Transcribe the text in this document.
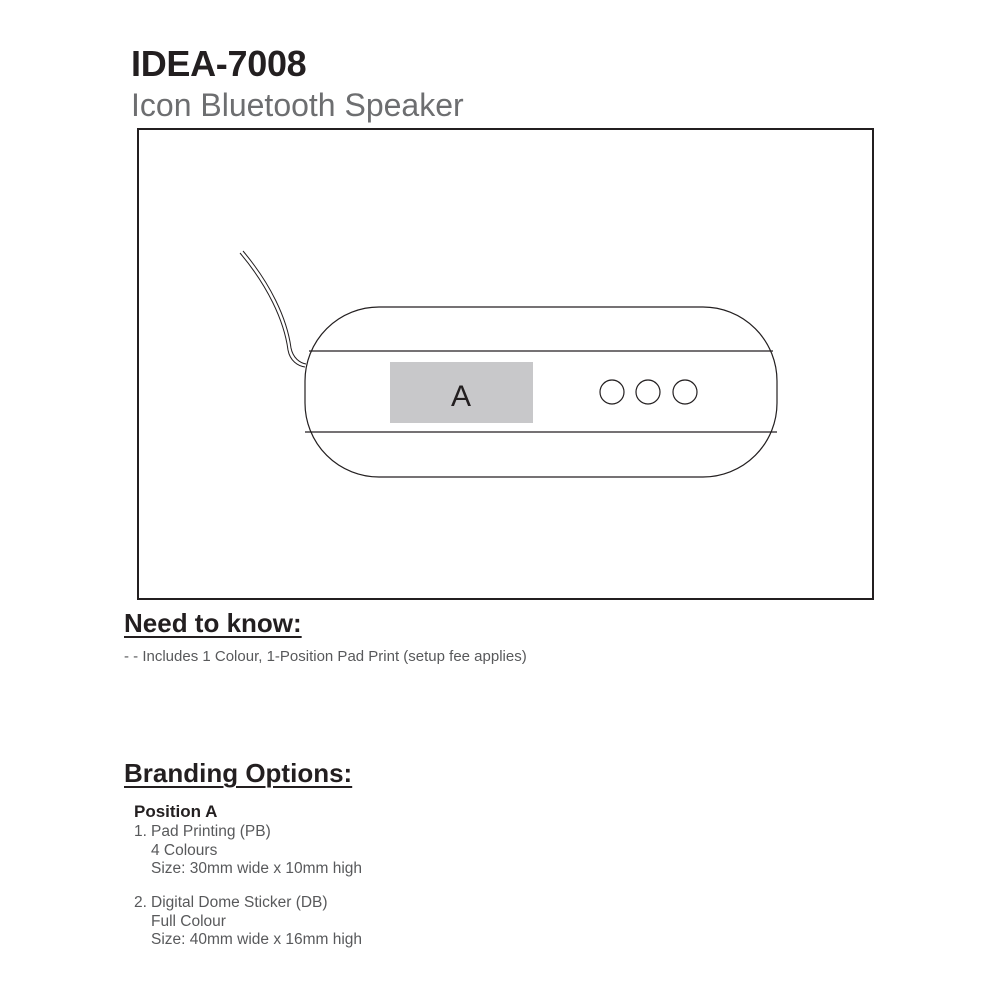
IDEA-7008
Icon Bluetooth Speaker
A
Need to know:

- - Includes 1 Colour, 1-Position Pad Print (setup fee applies)

Branding Options:

Position A

1. Pad Printing (PB)
4 Colours
Size: 30mm wide x 10mm high
2. Digital Dome Sticker (DB)
Full Colour
Size: 40mm wide x 16mm high
